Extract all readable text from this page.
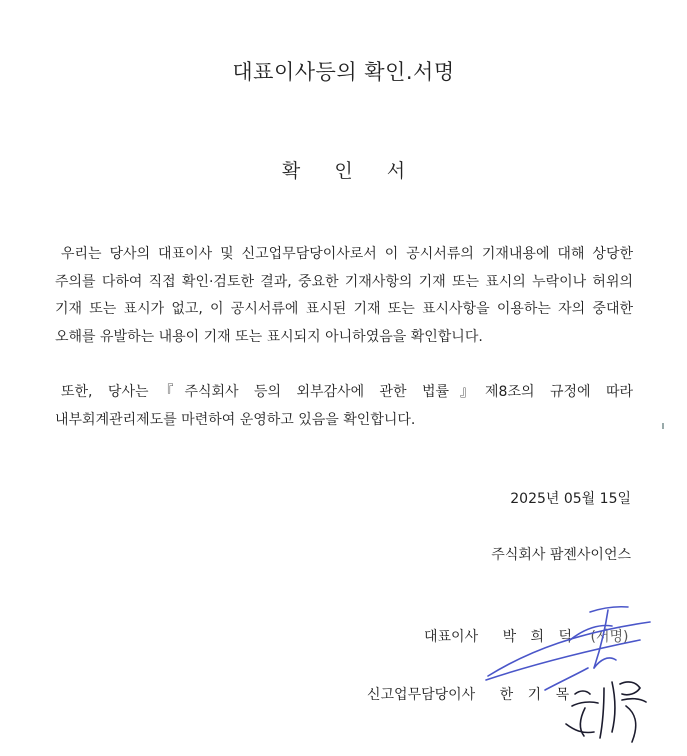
대표이사등의 확인.서명
확 인 서

우리는 당사의 대표이사 및 신고업무담당이사로서 이 공시서류의 기재내용에 대해 상당한 주의를 다하여 직접 확인·검토한 결과, 중요한 기재사항의 기재 또는 표시의 누락이나 허위의 기재 또는 표시가 없고, 이 공시서류에 표시된 기재 또는 표시사항을 이용하는 자의 중대한 오해를 유발하는 내용이 기재 또는 표시되지 아니하였음을 확인합니다.

또한, 당사는『주식회사 등의 외부감사에 관한 법률』제8조의 규정에 따라 내부회계관리제도를 마련하여 운영하고 있음을 확인합니다.

2025년 05월 15일
주식회사 팜젠사이언스
대표이사 박 희 덕 (서명)
신고업무담당이사 한 기 목
